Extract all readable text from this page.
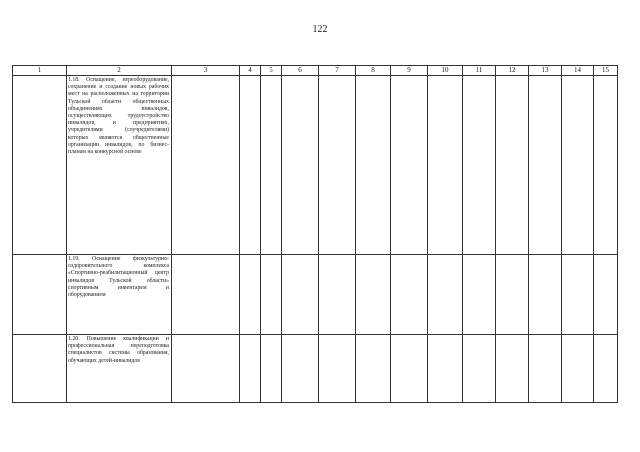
122
1	2	3	4	5	6	7	8	9	10	11	12	13	14	15
	1.18. Оснащение, переоборудование, сохранение и создание новых рабочих мест на расположенных на территории Тульской области общественных объединениях инвалидов, осуществляющих трудоустройство инвалидов, и предприятиях, учредителями (соучредителями) которых являются общественные организации инвалидов, по бизнес-планам на конкурсной основе													
	1.19. Оснащение физкультурно-оздоровительного комплекса «Спортивно-реабилитационный центр инвалидов Тульской области» спортивным инвентарем и оборудованием													
	1.20. Повышение квалификации и профессиональная переподготовка специалистов системы образования, обучающих детей-инвалидов													
